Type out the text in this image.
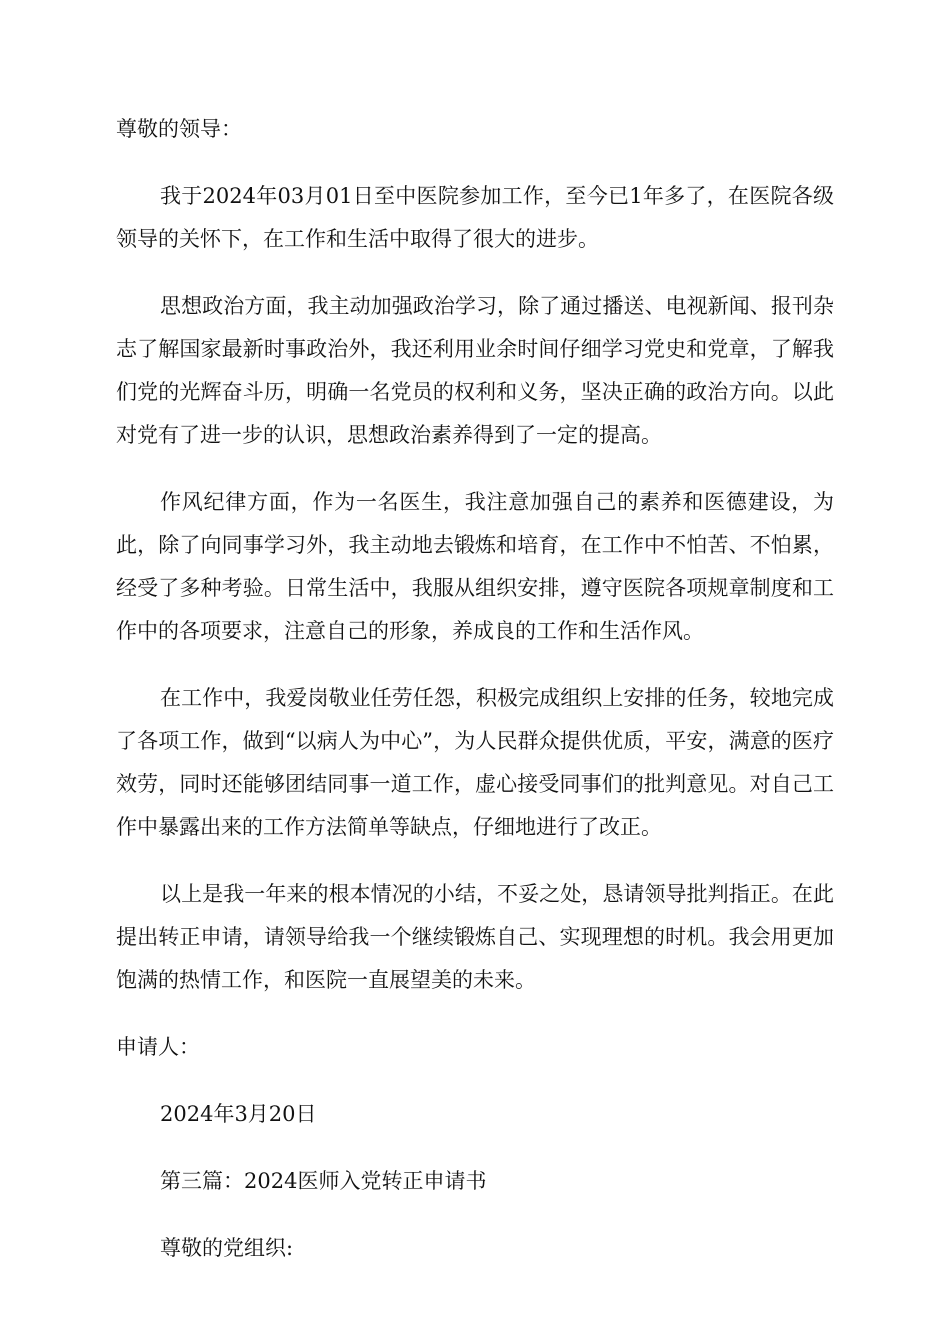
尊敬的领导：

我于2024年03月01日至中医院参加工作，至今已1年多了，在医院各级领导的关怀下，在工作和生活中取得了很大的进步。

思想政治方面，我主动加强政治学习，除了通过播送、电视新闻、报刊杂志了解国家最新时事政治外，我还利用业余时间仔细学习党史和党章，了解我们党的光辉奋斗历，明确一名党员的权利和义务，坚决正确的政治方向。以此对党有了进一步的认识，思想政治素养得到了一定的提高。

作风纪律方面，作为一名医生，我注意加强自己的素养和医德建设，为此，除了向同事学习外，我主动地去锻炼和培育，在工作中不怕苦、不怕累，经受了多种考验。日常生活中，我服从组织安排，遵守医院各项规章制度和工作中的各项要求，注意自己的形象，养成良的工作和生活作风。

在工作中，我爱岗敬业任劳任怨，积极完成组织上安排的任务，较地完成了各项工作，做到“以病人为中心”，为人民群众提供优质，平安，满意的医疗效劳，同时还能够团结同事一道工作，虚心接受同事们的批判意见。对自己工作中暴露出来的工作方法简单等缺点，仔细地进行了改正。

以上是我一年来的根本情况的小结，不妥之处，恳请领导批判指正。在此提出转正申请，请领导给我一个继续锻炼自己、实现理想的时机。我会用更加饱满的热情工作，和医院一直展望美的未来。

申请人：

2024年3月20日

第三篇：2024医师入党转正申请书

尊敬的党组织:
